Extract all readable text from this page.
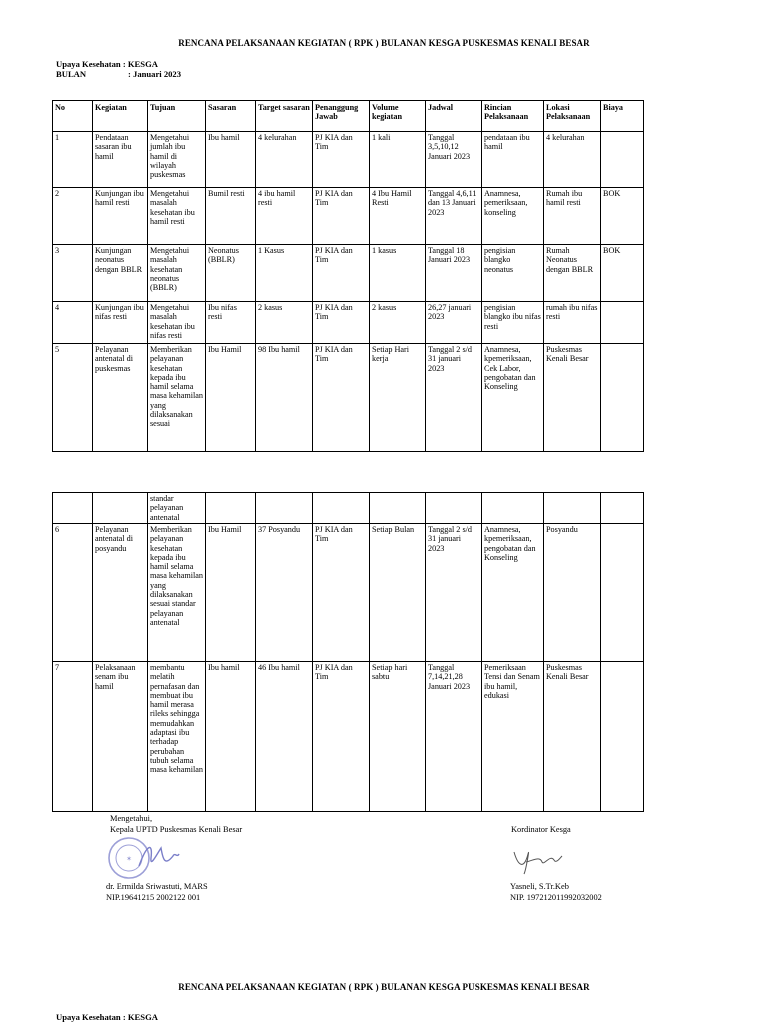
RENCANA PELAKSANAAN KEGIATAN ( RPK ) BULANAN KESGA PUSKESMAS KENALI BESAR
Upaya Kesehatan : KESGA
BULAN	: Januari 2023
No	Kegiatan	Tujuan	Sasaran	Target sasaran	Penanggung Jawab	Volume kegiatan	Jadwal	Rincian Pelaksanaan	Lokasi Pelaksanaan	Biaya
1	Pendataan sasaran ibu hamil	Mengetahui jumlah ibu hamil di wilayah puskesmas	Ibu hamil	4 kelurahan	PJ KIA dan Tim	1 kali	Tanggal 3,5,10,12 Januari 2023	pendataan ibu hamil	4 kelurahan	
2	Kunjungan ibu hamil resti	Mengetahui masalah kesehatan ibu hamil resti	Bumil resti	4 ibu hamil resti	PJ KIA dan Tim	4 Ibu Hamil Resti	Tanggal 4,6,11 dan 13 Januari 2023	Anamnesa, pemeriksaan, konseling	Rumah ibu hamil resti	BOK
3	Kunjungan neonatus dengan BBLR	Mengetahui masalah kesehatan neonatus (BBLR)	Neonatus (BBLR)	1 Kasus	PJ KIA dan Tim	1 kasus	Tanggal 18 Januari 2023	pengisian blangko neonatus	Rumah Neonatus dengan BBLR	BOK
4	Kunjungan ibu nifas resti	Mengetahui masalah kesehatan ibu nifas resti	Ibu nifas resti	2 kasus	PJ KIA dan Tim	2 kasus	26,27 januari 2023	pengisian blangko ibu nifas resti	rumah ibu nifas resti	
5	Pelayanan antenatal di puskesmas	Memberikan pelayanan kesehatan kepada ibu hamil selama masa kehamilan yang dilaksanakan sesuai	Ibu Hamil	98 Ibu hamil	PJ KIA dan Tim	Setiap Hari kerja	Tanggal 2 s/d 31 januari 2023	Anamnesa, kpemeriksaan, Cek Labor, pengobatan dan Konseling	Puskesmas Kenali Besar	
		standar pelayanan antenatal								
6	Pelayanan antenatal di posyandu	Memberikan pelayanan kesehatan kepada ibu hamil selama masa kehamilan yang dilaksanakan sesuai standar pelayanan antenatal	Ibu Hamil	37 Posyandu	PJ KIA dan Tim	Setiap Bulan	Tanggal 2 s/d 31 januari 2023	Anamnesa, kpemeriksaan, pengobatan dan Konseling	Posyandu	
7	Pelaksanaan senam ibu hamil	membantu melatih pernafasan dan membuat ibu hamil merasa rileks sehingga memudahkan adaptasi ibu terhadap perubahan tubuh selama masa kehamilan	Ibu hamil	46 Ibu hamil	PJ KIA dan Tim	Setiap hari sabtu	Tanggal 7,14,21,28 Januari 2023	Pemeriksaan Tensi dan Senam ibu hamil, edukasi	Puskesmas Kenali Besar	
Mengetahui,
Kepala UPTD Puskesmas Kenali Besar
✶
dr. Ermilda Sriwastuti, MARS
NIP.19641215 2002122 001
Kordinator Kesga
Yasneli, S.Tr.Keb
NIP. 197212011992032002
RENCANA PELAKSANAAN KEGIATAN ( RPK ) BULANAN KESGA PUSKESMAS KENALI BESAR
Upaya Kesehatan : KESGA
